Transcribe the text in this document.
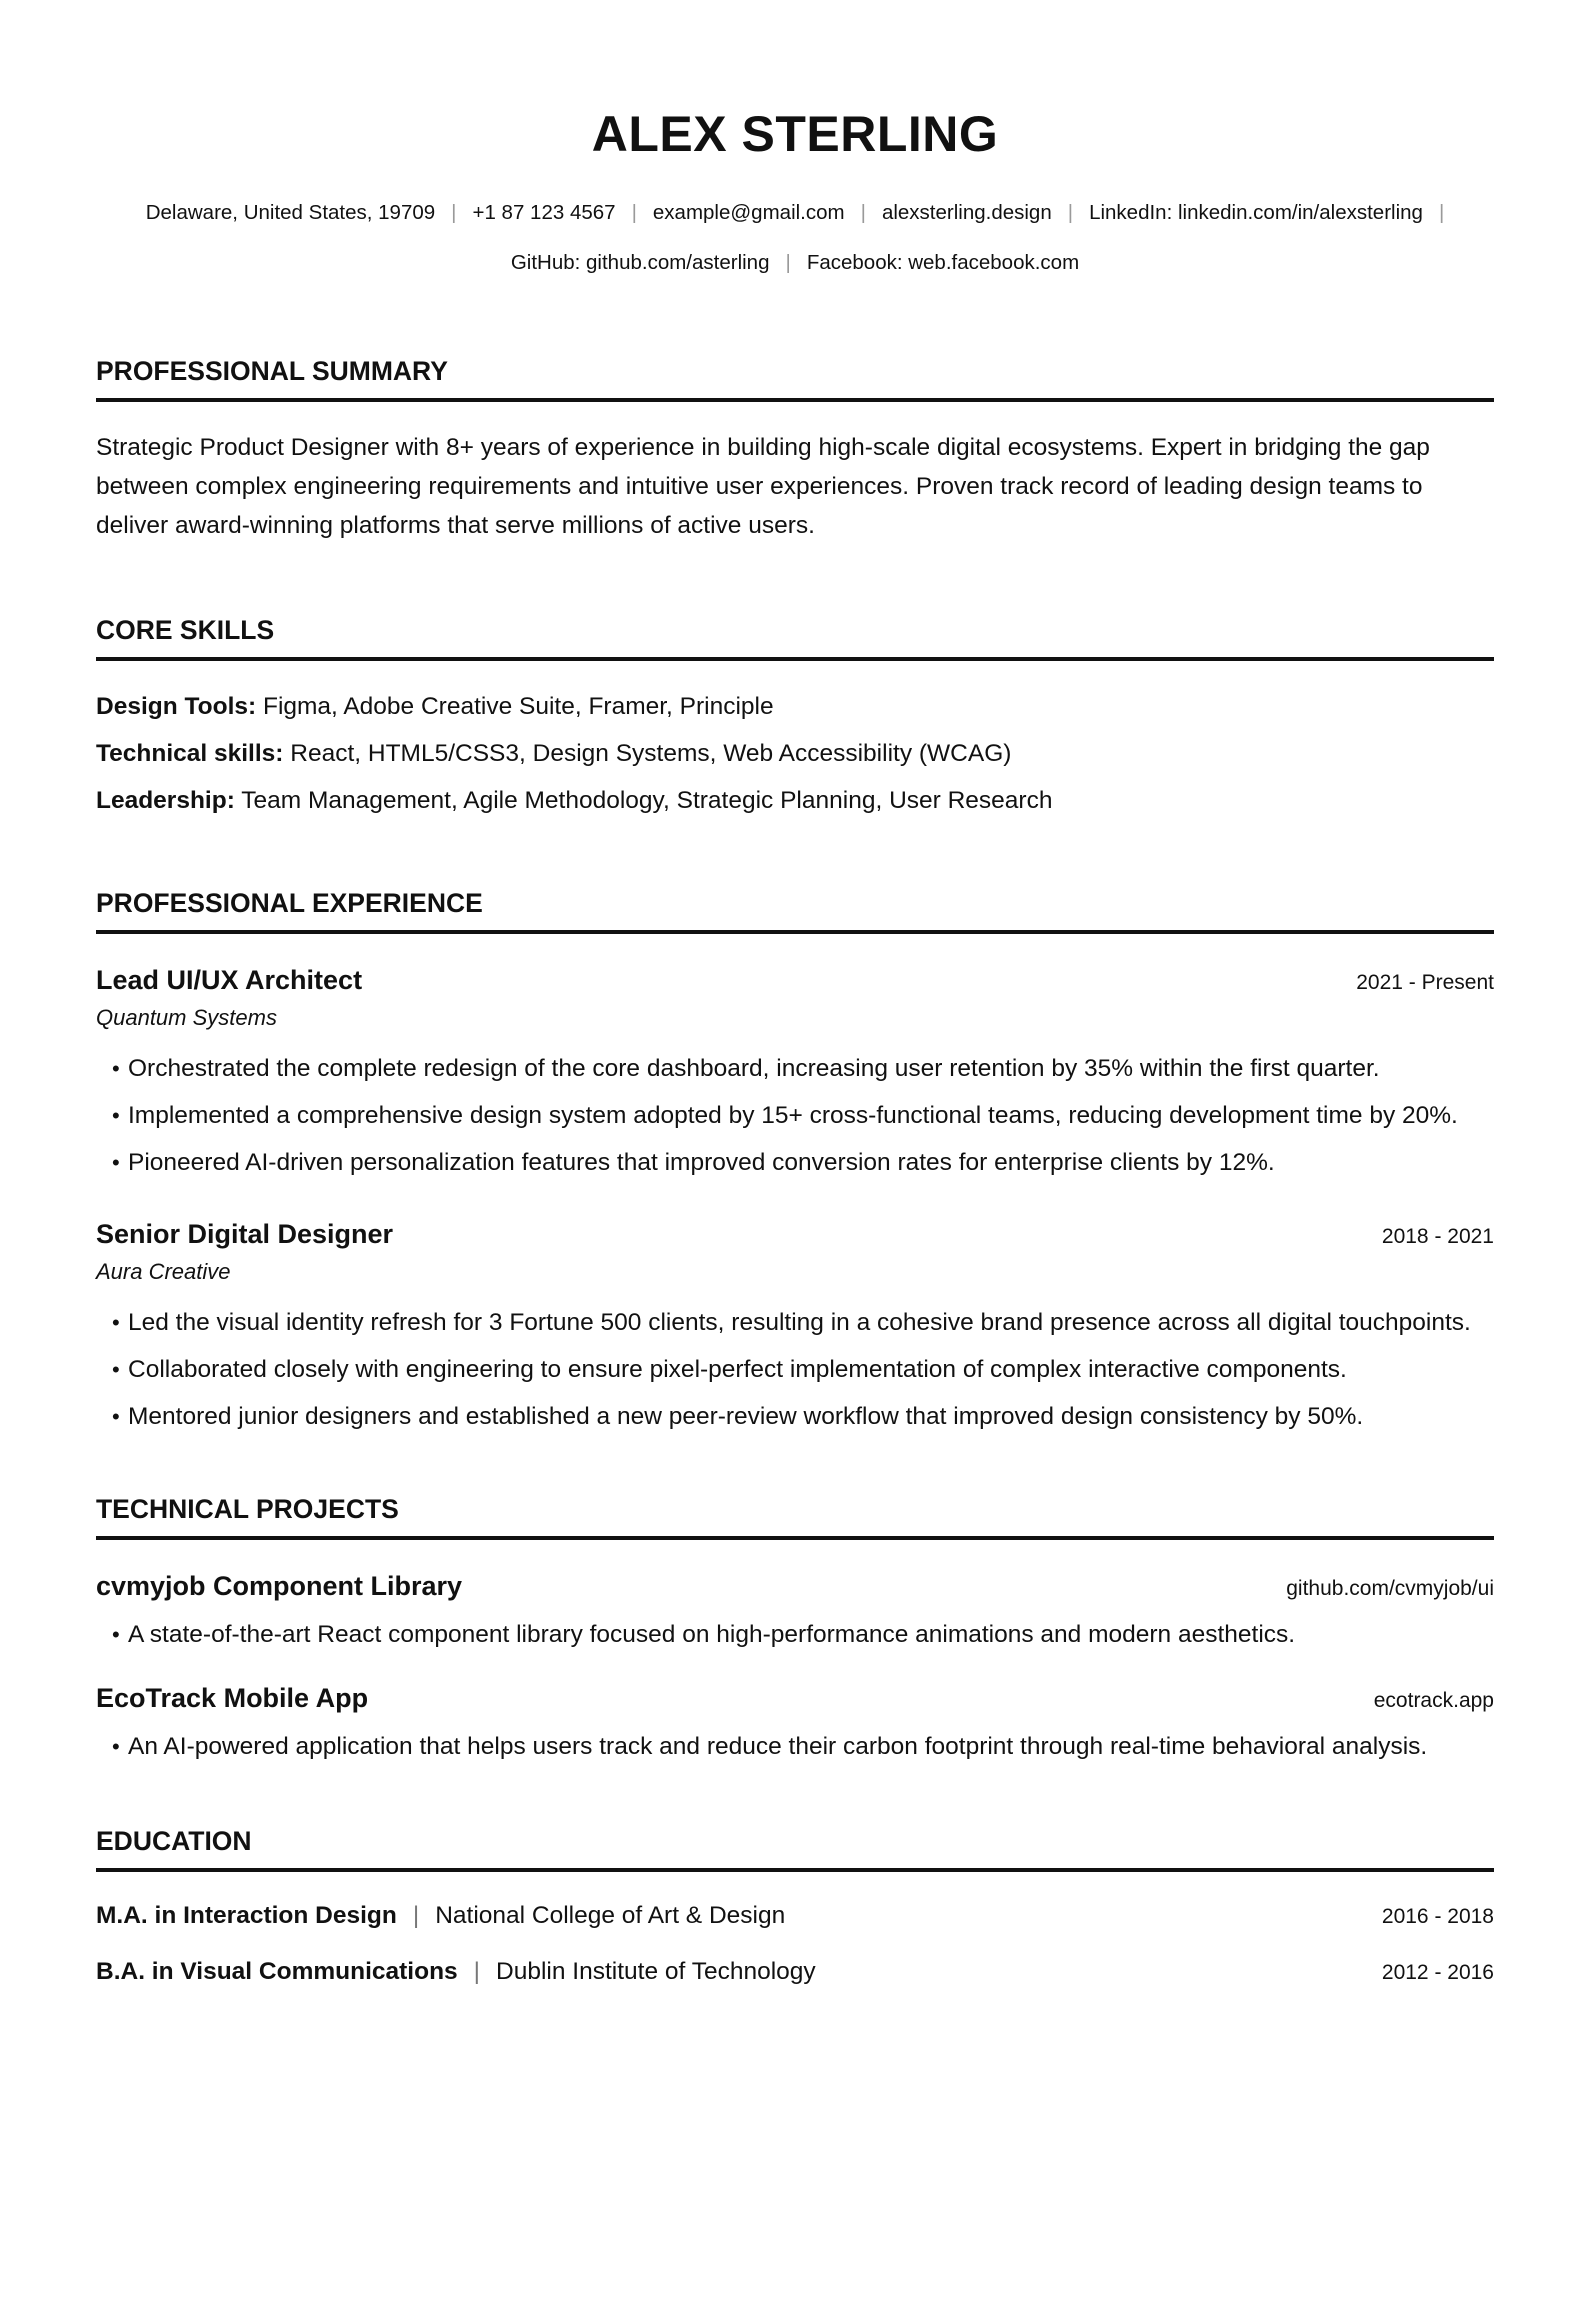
ALEX STERLING
Delaware, United States, 19709 | +1 87 123 4567 | example@gmail.com | alexsterling.design | LinkedIn: linkedin.com/in/alexsterling |
GitHub: github.com/asterling | Facebook: web.facebook.com
PROFESSIONAL SUMMARY
Strategic Product Designer with 8+ years of experience in building high-scale digital ecosystems. Expert in bridging the gap between complex engineering requirements and intuitive user experiences. Proven track record of leading design teams to deliver award-winning platforms that serve millions of active users.
CORE SKILLS
Design Tools: Figma, Adobe Creative Suite, Framer, Principle
Technical skills: React, HTML5/CSS3, Design Systems, Web Accessibility (WCAG)
Leadership: Team Management, Agile Methodology, Strategic Planning, User Research
PROFESSIONAL EXPERIENCE
Lead UI/UX Architect	2021 - Present
Quantum Systems
• Orchestrated the complete redesign of the core dashboard, increasing user retention by 35% within the first quarter.
• Implemented a comprehensive design system adopted by 15+ cross-functional teams, reducing development time by 20%.
• Pioneered AI-driven personalization features that improved conversion rates for enterprise clients by 12%.
Senior Digital Designer	2018 - 2021
Aura Creative
• Led the visual identity refresh for 3 Fortune 500 clients, resulting in a cohesive brand presence across all digital touchpoints.
• Collaborated closely with engineering to ensure pixel-perfect implementation of complex interactive components.
• Mentored junior designers and established a new peer-review workflow that improved design consistency by 50%.
TECHNICAL PROJECTS
cvmyjob Component Library	github.com/cvmyjob/ui
• A state-of-the-art React component library focused on high-performance animations and modern aesthetics.
EcoTrack Mobile App	ecotrack.app
• An AI-powered application that helps users track and reduce their carbon footprint through real-time behavioral analysis.
EDUCATION
M.A. in Interaction Design | National College of Art & Design	2016 - 2018
B.A. in Visual Communications | Dublin Institute of Technology	2012 - 2016
